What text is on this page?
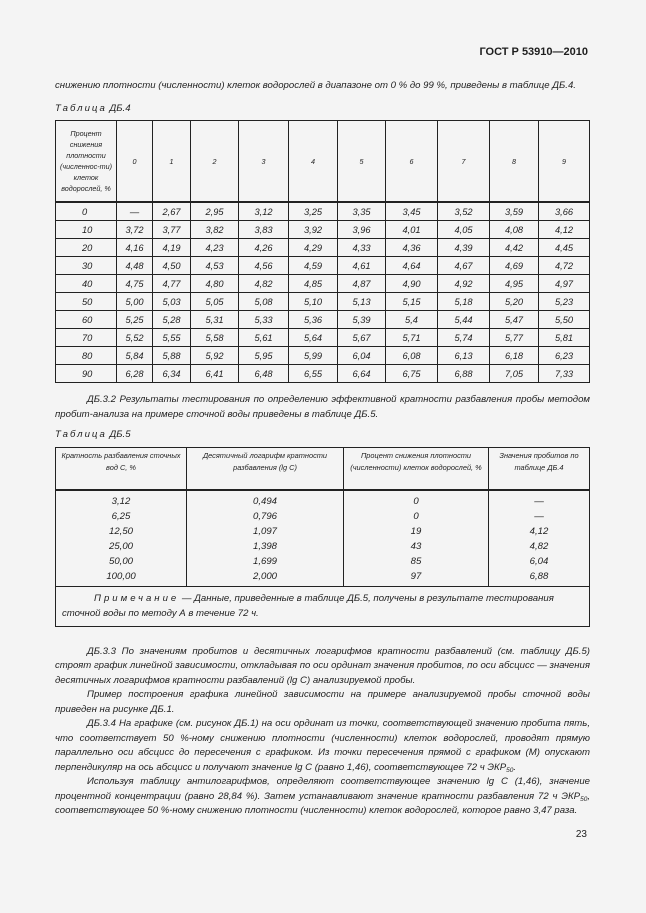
ГОСТ Р 53910—2010
снижению плотности (численности) клеток водорослей в диапазоне от 0 % до 99 %, приведены в таблице ДБ.4.
Таблица ДБ.4
Процент снижения плотности (численнос-ти) клеток водорослей, %	0	1	2	3	4	5	6	7	8	9
0	—	2,67	2,95	3,12	3,25	3,35	3,45	3,52	3,59	3,66
10	3,72	3,77	3,82	3,83	3,92	3,96	4,01	4,05	4,08	4,12
20	4,16	4,19	4,23	4,26	4,29	4,33	4,36	4,39	4,42	4,45
30	4,48	4,50	4,53	4,56	4,59	4,61	4,64	4,67	4,69	4,72
40	4,75	4,77	4,80	4,82	4,85	4,87	4,90	4,92	4,95	4,97
50	5,00	5,03	5,05	5,08	5,10	5,13	5,15	5,18	5,20	5,23
60	5,25	5,28	5,31	5,33	5,36	5,39	5,4	5,44	5,47	5,50
70	5,52	5,55	5,58	5,61	5,64	5,67	5,71	5,74	5,77	5,81
80	5,84	5,88	5,92	5,95	5,99	6,04	6,08	6,13	6,18	6,23
90	6,28	6,34	6,41	6,48	6,55	6,64	6,75	6,88	7,05	7,33
ДБ.3.2 Результаты тестирования по определению эффективной кратности разбавления пробы методом пробит-анализа на примере сточной воды приведены в таблице ДБ.5.
Таблица ДБ.5
Кратность разбавления сточных вод С, %	Десятичный логарифм кратности разбавления (lg С)	Процент снижения плотности (численности) клеток водорослей, %	Значения пробитов по таблице ДБ.4
3,12	0,494	0	—
6,25	0,796	0	—
12,50	1,097	19	4,12
25,00	1,398	43	4,82
50,00	1,699	85	6,04
100,00	2,000	97	6,88
Примечание — Данные, приведенные в таблице ДБ.5, получены в результате тестирования сточной воды по методу А в течение 72 ч.			
ДБ.3.3 По значениям пробитов и десятичных логарифмов кратности разбавлений (см. таблицу ДБ.5) строят график линейной зависимости, откладывая по оси ординат значения пробитов, по оси абсцисс — значения десятичных логарифмов кратности разбавлений (lg С) анализируемой пробы.
Пример построения графика линейной зависимости на примере анализируемой пробы сточной воды приведен на рисунке ДБ.1.
ДБ.3.4 На графике (см. рисунок ДБ.1) на оси ординат из точки, соответствующей значению пробита пять, что соответствует 50 %-ному снижению плотности (численности) клеток водорослей, проводят прямую параллельно оси абсцисс до пересечения с графиком. Из точки пересечения прямой с графиком (М) опускают перпендикуляр на ось абсцисс и получают значение lg С (равно 1,46), соответствующее 72 ч $ЭКР_{50}$.
Используя таблицу антилогарифмов, определяют соответствующее значению lg С (1,46), значение процентной концентрации (равно 28,84 %). Затем устанавливают значение кратности разбавления 72 ч $ЭКР_{50}$, соответствующее 50 %-ному снижению плотности (численности) клеток водорослей, которое равно 3,47 раза.
23
